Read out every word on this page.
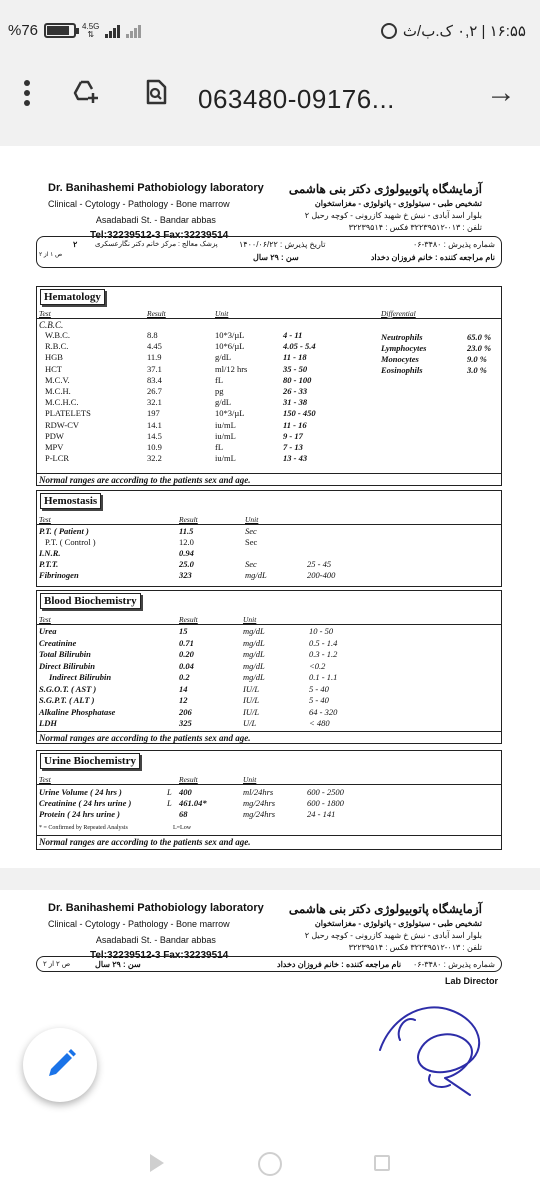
%76	4.5G
⇅	۱۶:۵۵ | ۰,۲ ک.ب/ث
063480-09176...	→
Dr. Banihashemi Pathobiology laboratory
Clinical - Cytology - Pathology - Bone marrow
Asadabadi St. - Bandar abbas
Tel:32239512-3 Fax:32239514
آزمایشگاه پاتوبیولوژی دکتر بنی هاشمی
تشخیص طبی - سیتولوژی - پاتولوژی - مغزاستخوان
بلوار اسد آبادی - نبش خ شهید کازرونی - کوچه رحیل ۲
تلفن : ۰۱۳-۳۲۲۳۹۵۱۲ فکس : ۳۲۲۳۹۵۱۴
شماره پذیرش : ۳۴۸۰-۰۶
نام مراجعه کننده : خانم فروزان دخداد
تاریخ پذیرش : ۱۴۰۰/۰۶/۲۲
سن : ۲۹ سال
پزشک معالج : مرکز خانم دکتر نگارعسکری
۲
ص ۱ از ۲
Hematology
Test	Result	Unit	Differential
C.B.C.
W.B.C.	8.8	10*3/µL	4 - 11
R.B.C.	4.45	10*6/µL	4.05 - 5.4
HGB	11.9	g/dL	11 - 18
HCT	37.1	ml/12 hrs	35 - 50
M.C.V.	83.4	fL	80 - 100
M.C.H.	26.7	pg	26 - 33
M.C.H.C.	32.1	g/dL	31 - 38
PLATELETS	197	10*3/µL	150 - 450
RDW-CV	14.1	iu/mL	11 - 16
PDW	14.5	iu/mL	9 - 17
MPV	10.9	fL	7 - 13
P-LCR	32.2	iu/mL	13 - 43
Neutrophils	65.0 %
Lymphocytes	23.0 %
Monocytes	9.0 %
Eosinophils	3.0 %
Normal ranges are according to the patients sex and age.
Hemostasis
Test	Result	Unit
P.T. ( Patient )	11.5	Sec
P.T. ( Control )	12.0	Sec
I.N.R.	0.94
P.T.T.	25.0	Sec	25 - 45
Fibrinogen	323	mg/dL	200-400
Blood Biochemistry
Test	Result	Unit
Urea	15	mg/dL	10 - 50
Creatinine	0.71	mg/dL	0.5 - 1.4
Total Bilirubin	0.20	mg/dL	0.3 - 1.2
Direct Bilirubin	0.04	mg/dL	<0.2
Indirect Bilirubin	0.2	mg/dL	0.1 - 1.1
S.G.O.T. ( AST )	14	IU/L	5 - 40
S.G.P.T. ( ALT )	12	IU/L	5 - 40
Alkaline Phosphatase	206	IU/L	64 - 320
LDH	325	U/L	< 480
Normal ranges are according to the patients sex and age.
Urine Biochemistry
Test	Result	Unit
Urine Volume ( 24 hrs )	L 400	ml/24hrs	600 - 2500
Creatinine ( 24 hrs urine )	L 461.04*	mg/24hrs	600 - 1800
Protein ( 24 hrs urine )	68	mg/24hrs	24 - 141
* = Confirmed by Repeated Analysis	L=Low
Normal ranges are according to the patients sex and age.
Dr. Banihashemi Pathobiology laboratory
Clinical - Cytology - Pathology - Bone marrow
Asadabadi St. - Bandar abbas
Tel:32239512-3 Fax:32239514
آزمایشگاه پاتوبیولوژی دکتر بنی هاشمی
تشخیص طبی - سیتولوژی - پاتولوژی - مغزاستخوان
بلوار اسد آبادی - نبش خ شهید کازرونی - کوچه رحیل ۲
تلفن : ۰۱۳-۳۲۲۳۹۵۱۲ فکس : ۳۲۲۳۹۵۱۴
شماره پذیرش : ۳۴۸۰-۰۶
نام مراجعه کننده : خانم فروزان دخداد
سن : ۲۹ سال
ص ۲ از ۲
Lab Director
